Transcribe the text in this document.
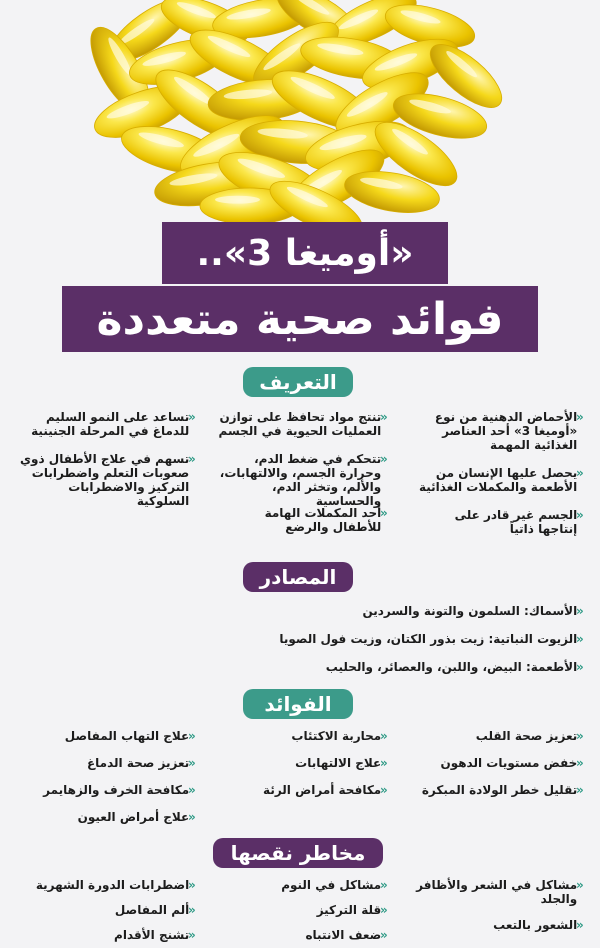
«أوميغا 3»..
فوائد صحية متعددة
التعريف
»
الأحماض الدهنية من نوع «أوميغا 3» أحد العناصر الغذائية المهمة
»
يحصل عليها الإنسان من الأطعمة والمكملات الغذائية
»
الجسم غير قادر على إنتاجها ذاتياً
»
تنتج مواد تحافظ على توازن العمليات الحيوية في الجسم
»
تتحكم في ضغط الدم، وحرارة الجسم، والالتهابات، والألم، وتخثر الدم، والحساسية
»
أحد المكملات الهامة للأطفال والرضع
»
تساعد على النمو السليم للدماغ في المرحلة الجنينية
»
تسهم في علاج الأطفال ذوي صعوبات التعلم واضطرابات التركيز والاضطرابات السلوكية
المصادر
»
الأسماك: السلمون والتونة والسردين
»
الزيوت النباتية: زيت بذور الكتان، وزيت فول الصويا
»
الأطعمة: البيض، واللبن، والعصائر، والحليب
الفوائد
»
تعزيز صحة القلب
»
خفض مستويات الدهون
»
تقليل خطر الولادة المبكرة
»
محاربة الاكتئاب
»
علاج الالتهابات
»
مكافحة أمراض الرئة
»
علاج التهاب المفاصل
»
تعزيز صحة الدماغ
»
مكافحة الخرف والزهايمر
»
علاج أمراض العيون
مخاطر نقصها
»
مشاكل في الشعر والأظافر والجلد
»
الشعور بالتعب
»
مشاكل في النوم
»
قلة التركيز
»
ضعف الانتباه
»
اضطرابات الدورة الشهرية
»
ألم المفاصل
»
تشنج الأقدام
